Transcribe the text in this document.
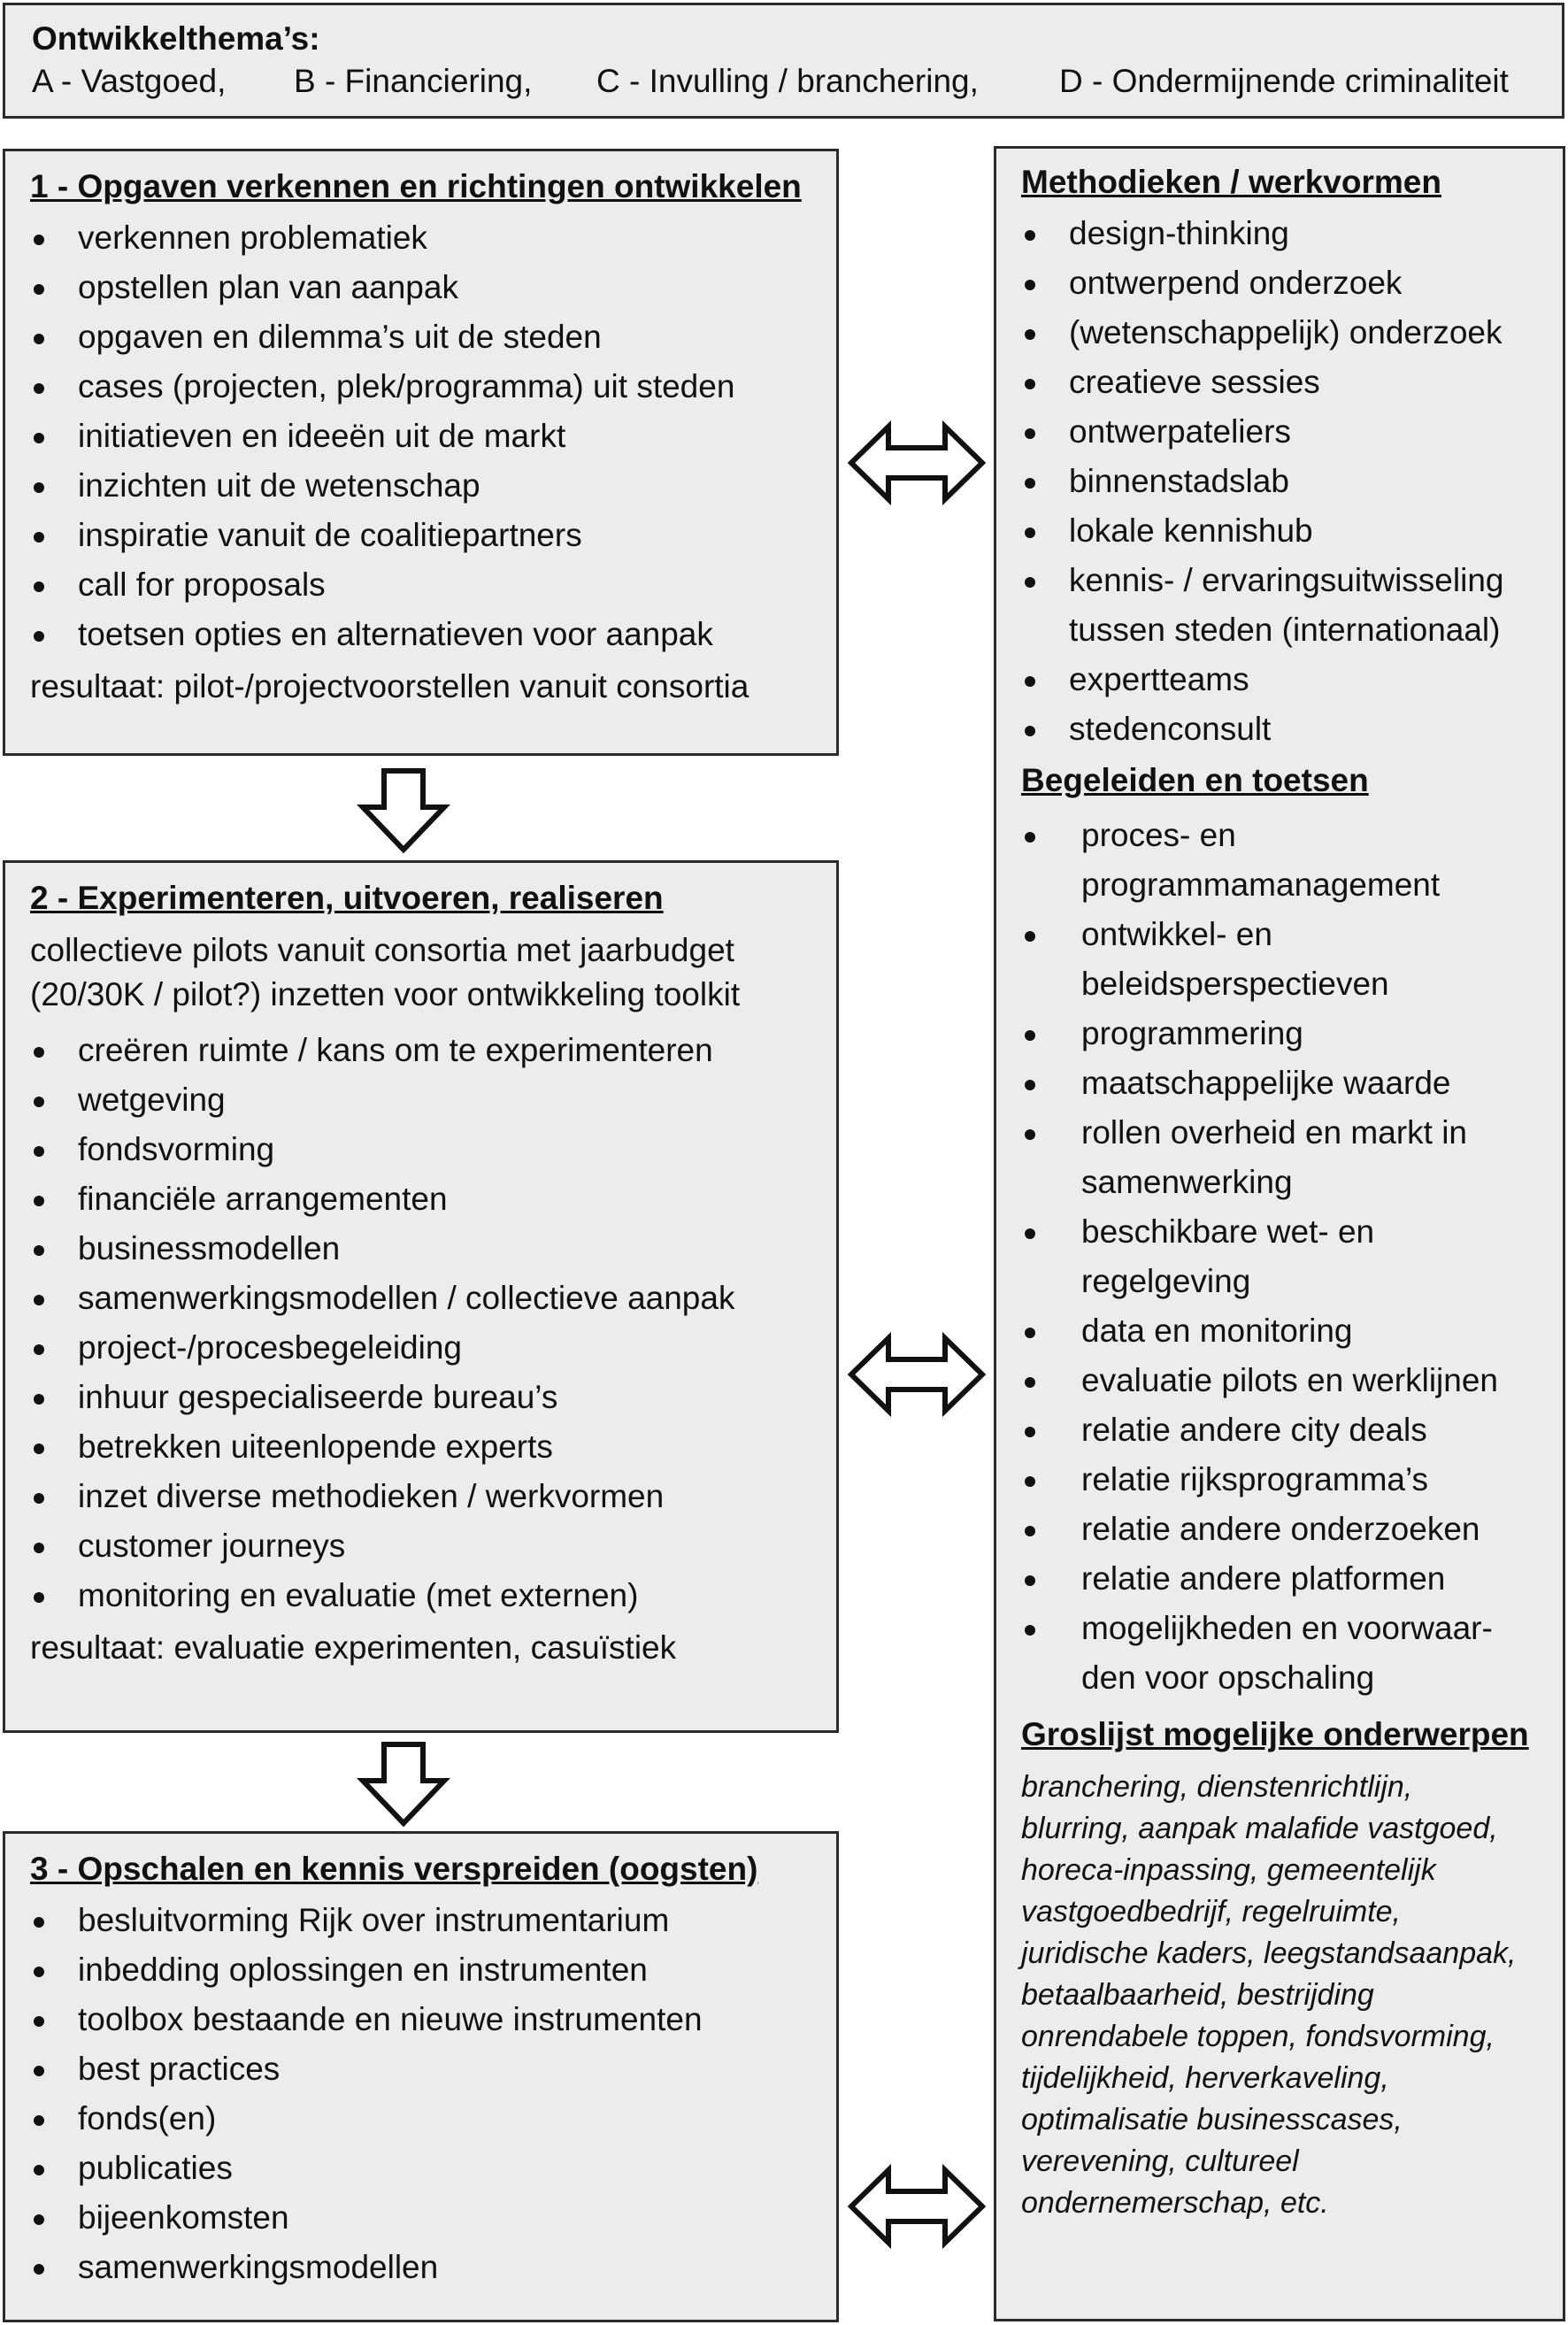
Ontwikkelthema’s:

A - Vastgoed,	B - Financiering,	C - Invulling / branchering,	D - Ondermijnende criminaliteit

1 - Opgaven verkennen en richtingen ontwikkelen

verkennen problematiek
opstellen plan van aanpak
opgaven en dilemma’s uit de steden
cases (projecten, plek/programma) uit steden
initiatieven en ideeën uit de markt
inzichten uit de wetenschap
inspiratie vanuit de coalitiepartners
call for proposals
toetsen opties en alternatieven voor aanpak

resultaat: pilot-/projectvoorstellen vanuit consortia

2 - Experimenteren, uitvoeren, realiseren

collectieve pilots vanuit consortia met jaarbudget

(20/30K / pilot?) inzetten voor ontwikkeling toolkit

creëren ruimte / kans om te experimenteren
wetgeving
fondsvorming
financiële arrangementen
businessmodellen
samenwerkingsmodellen / collectieve aanpak
project-/procesbegeleiding
inhuur gespecialiseerde bureau’s
betrekken uiteenlopende experts
inzet diverse methodieken / werkvormen
customer journeys
monitoring en evaluatie (met externen)

resultaat: evaluatie experimenten, casuïstiek

3 - Opschalen en kennis verspreiden (oogsten)

besluitvorming Rijk over instrumentarium
inbedding oplossingen en instrumenten
toolbox bestaande en nieuwe instrumenten
best practices
fonds(en)
publicaties
bijeenkomsten
samenwerkingsmodellen

Methodieken / werkvormen

design-thinking
ontwerpend onderzoek
(wetenschappelijk) onderzoek
creatieve sessies
ontwerpateliers
binnenstadslab
lokale kennishub
kennis- / ervaringsuitwisseling
tussen steden (internationaal)
expertteams
stedenconsult

Begeleiden en toetsen

proces- en
programmamanagement
ontwikkel- en
beleidsperspectieven
programmering
maatschappelijke waarde
rollen overheid en markt in
samenwerking
beschikbare wet- en
regelgeving
data en monitoring
evaluatie pilots en werklijnen
relatie andere city deals
relatie rijksprogramma’s
relatie andere onderzoeken
relatie andere platformen
mogelijkheden en voorwaar-
den voor opschaling

Groslijst mogelijke onderwerpen

branchering, dienstenrichtlijn,

blurring, aanpak malafide vastgoed,

horeca-inpassing, gemeentelijk

vastgoedbedrijf, regelruimte,

juridische kaders, leegstandsaanpak,

betaalbaarheid, bestrijding

onrendabele toppen, fondsvorming,

tijdelijkheid, herverkaveling,

optimalisatie businesscases,

verevening, cultureel

ondernemerschap, etc.
